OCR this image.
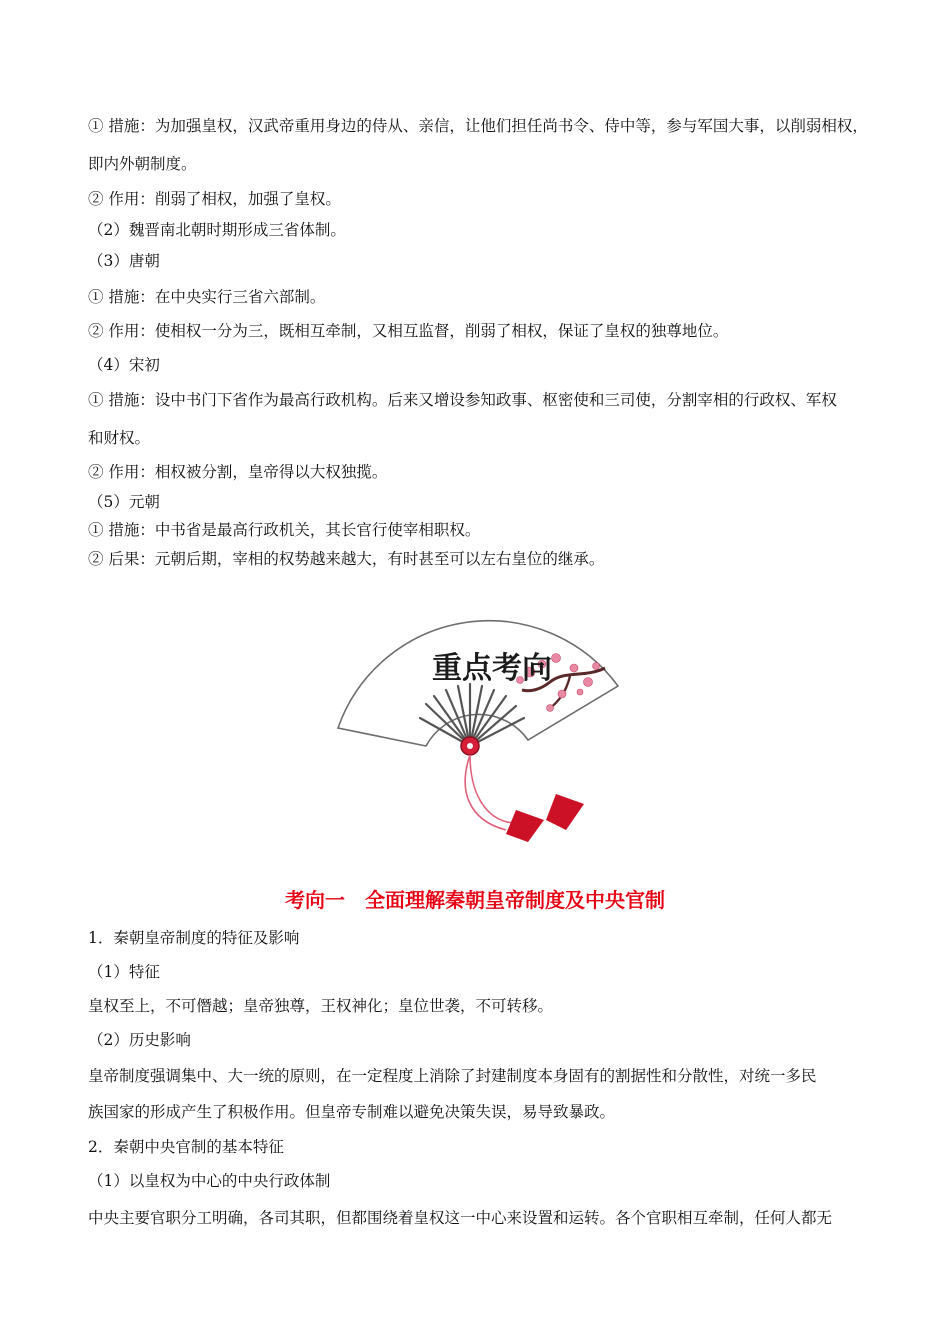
① 措施：为加强皇权，汉武帝重用身边的侍从、亲信，让他们担任尚书令、侍中等，参与军国大事，以削弱相权，
即内外朝制度。
② 作用：削弱了相权，加强了皇权。
（2）魏晋南北朝时期形成三省体制。
（3）唐朝
① 措施：在中央实行三省六部制。
② 作用：使相权一分为三，既相互牵制，又相互监督，削弱了相权，保证了皇权的独尊地位。
（4）宋初
① 措施：设中书门下省作为最高行政机构。后来又增设参知政事、枢密使和三司使，分割宰相的行政权、军权
和财权。
② 作用：相权被分割，皇帝得以大权独揽。
（5）元朝
① 措施：中书省是最高行政机关，其长官行使宰相职权。
② 后果：元朝后期，宰相的权势越来越大，有时甚至可以左右皇位的继承。
重点考向
考向一　全面理解秦朝皇帝制度及中央官制
1．秦朝皇帝制度的特征及影响
（1）特征
皇权至上，不可僭越；皇帝独尊，王权神化；皇位世袭，不可转移。
（2）历史影响
皇帝制度强调集中、大一统的原则，在一定程度上消除了封建制度本身固有的割据性和分散性，对统一多民
族国家的形成产生了积极作用。但皇帝专制难以避免决策失误，易导致暴政。
2．秦朝中央官制的基本特征
（1）以皇权为中心的中央行政体制
中央主要官职分工明确，各司其职，但都围绕着皇权这一中心来设置和运转。各个官职相互牵制，任何人都无
